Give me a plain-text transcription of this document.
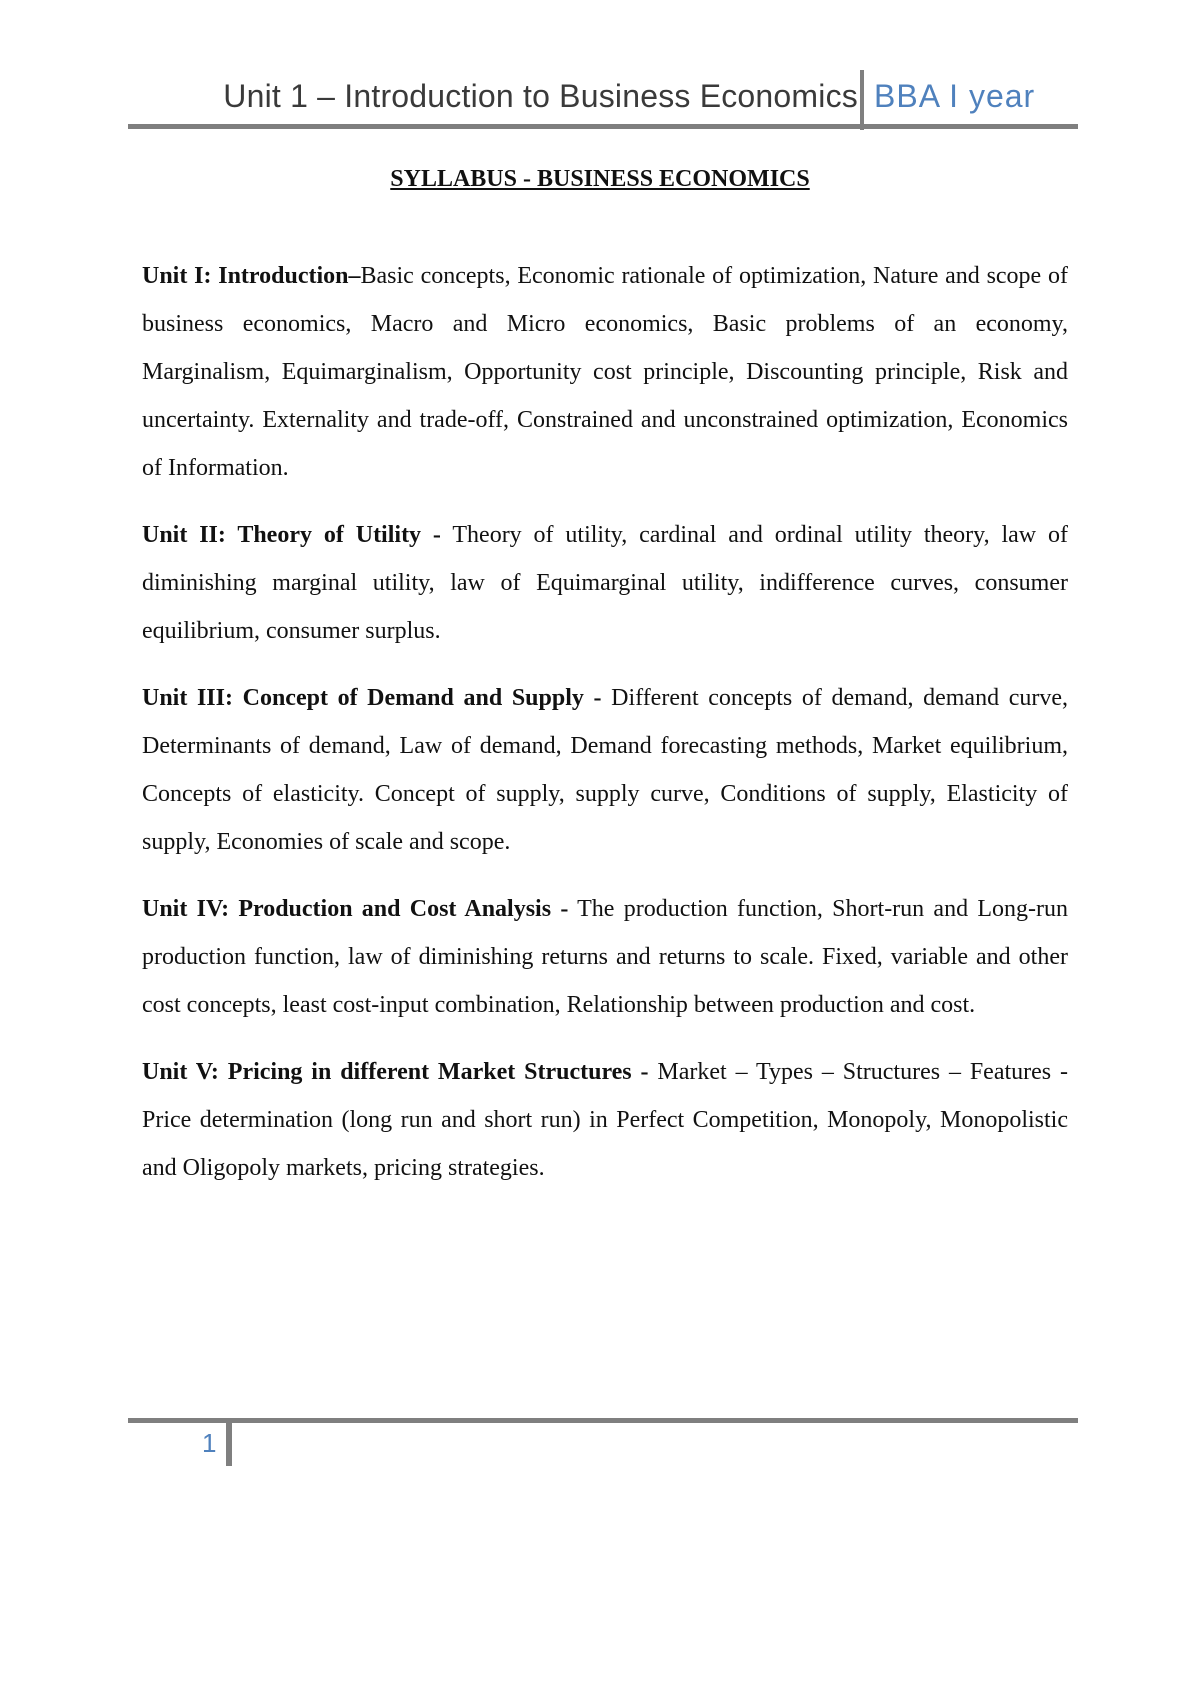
Unit 1 – Introduction to Business Economics BBA I year
SYLLABUS - BUSINESS ECONOMICS

Unit I: Introduction–Basic concepts, Economic rationale of optimization, Nature and scope of business economics, Macro and Micro economics, Basic problems of an economy, Marginalism, Equimarginalism, Opportunity cost principle, Discounting principle, Risk and uncertainty. Externality and trade-off, Constrained and unconstrained optimization, Economics of Information.

Unit II: Theory of Utility - Theory of utility, cardinal and ordinal utility theory, law of diminishing marginal utility, law of Equimarginal utility, indifference curves, consumer equilibrium, consumer surplus.

Unit III: Concept of Demand and Supply - Different concepts of demand, demand curve, Determinants of demand, Law of demand, Demand forecasting methods, Market equilibrium, Concepts of elasticity. Concept of supply, supply curve, Conditions of supply, Elasticity of supply, Economies of scale and scope.

Unit IV: Production and Cost Analysis - The production function, Short-run and Long-run production function, law of diminishing returns and returns to scale. Fixed, variable and other cost concepts, least cost-input combination, Relationship between production and cost.

Unit V: Pricing in different Market Structures - Market – Types – Structures – Features - Price determination (long run and short run) in Perfect Competition, Monopoly, Monopolistic and Oligopoly markets, pricing strategies.

1
